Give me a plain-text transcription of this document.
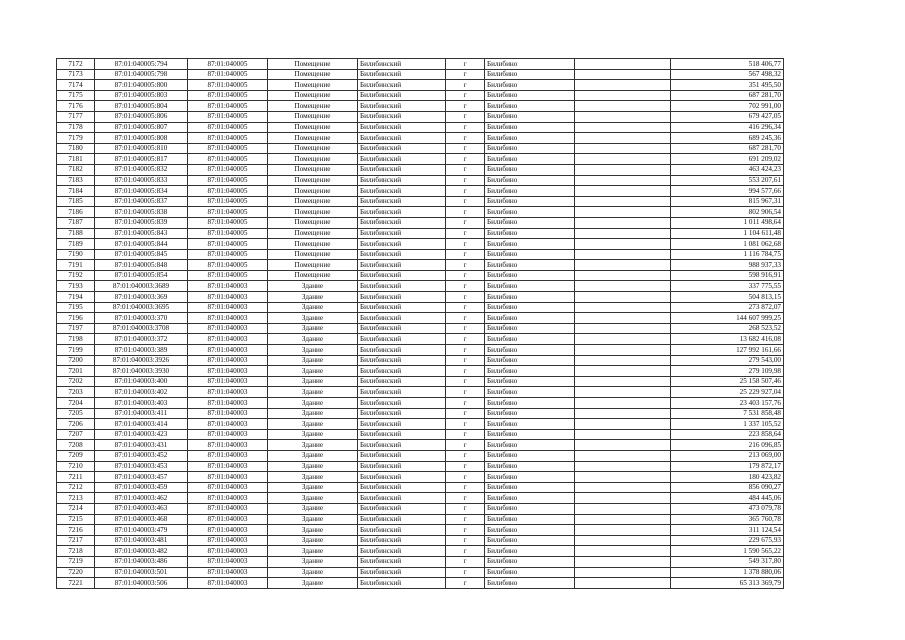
7172	87:01:040005:794	87:01:040005	Помещение	Билибинский	г	Билибино		518 406,77
7173	87:01:040005:798	87:01:040005	Помещение	Билибинский	г	Билибино		567 498,32
7174	87:01:040005:800	87:01:040005	Помещение	Билибинский	г	Билибино		351 495,50
7175	87:01:040005:803	87:01:040005	Помещение	Билибинский	г	Билибино		687 281,70
7176	87:01:040005:804	87:01:040005	Помещение	Билибинский	г	Билибино		702 991,00
7177	87:01:040005:806	87:01:040005	Помещение	Билибинский	г	Билибино		679 427,05
7178	87:01:040005:807	87:01:040005	Помещение	Билибинский	г	Билибино		416 296,34
7179	87:01:040005:808	87:01:040005	Помещение	Билибинский	г	Билибино		689 245,36
7180	87:01:040005:810	87:01:040005	Помещение	Билибинский	г	Билибино		687 281,70
7181	87:01:040005:817	87:01:040005	Помещение	Билибинский	г	Билибино		691 209,02
7182	87:01:040005:832	87:01:040005	Помещение	Билибинский	г	Билибино		463 424,23
7183	87:01:040005:833	87:01:040005	Помещение	Билибинский	г	Билибино		553 207,61
7184	87:01:040005:834	87:01:040005	Помещение	Билибинский	г	Билибино		994 577,66
7185	87:01:040005:837	87:01:040005	Помещение	Билибинский	г	Билибино		815 967,31
7186	87:01:040005:838	87:01:040005	Помещение	Билибинский	г	Билибино		802 906,54
7187	87:01:040005:839	87:01:040005	Помещение	Билибинский	г	Билибино		1 011 498,64
7188	87:01:040005:843	87:01:040005	Помещение	Билибинский	г	Билибино		1 104 611,48
7189	87:01:040005:844	87:01:040005	Помещение	Билибинский	г	Билибино		1 081 062,68
7190	87:01:040005:845	87:01:040005	Помещение	Билибинский	г	Билибино		1 116 784,75
7191	87:01:040005:848	87:01:040005	Помещение	Билибинский	г	Билибино		988 937,33
7192	87:01:040005:854	87:01:040005	Помещение	Билибинский	г	Билибино		598 916,91
7193	87:01:040003:3689	87:01:040003	Здание	Билибинский	г	Билибино		337 775,55
7194	87:01:040003:369	87:01:040003	Здание	Билибинский	г	Билибино		504 813,15
7195	87:01:040003:3695	87:01:040003	Здание	Билибинский	г	Билибино		273 872,07
7196	87:01:040003:370	87:01:040003	Здание	Билибинский	г	Билибино		144 607 999,25
7197	87:01:040003:3708	87:01:040003	Здание	Билибинский	г	Билибино		268 523,52
7198	87:01:040003:372	87:01:040003	Здание	Билибинский	г	Билибино		13 682 416,08
7199	87:01:040003:389	87:01:040003	Здание	Билибинский	г	Билибино		127 992 161,66
7200	87:01:040003:3926	87:01:040003	Здание	Билибинский	г	Билибино		279 543,00
7201	87:01:040003:3930	87:01:040003	Здание	Билибинский	г	Билибино		279 109,98
7202	87:01:040003:400	87:01:040003	Здание	Билибинский	г	Билибино		25 158 507,46
7203	87:01:040003:402	87:01:040003	Здание	Билибинский	г	Билибино		25 229 927,04
7204	87:01:040003:403	87:01:040003	Здание	Билибинский	г	Билибино		23 403 157,76
7205	87:01:040003:411	87:01:040003	Здание	Билибинский	г	Билибино		7 531 858,48
7206	87:01:040003:414	87:01:040003	Здание	Билибинский	г	Билибино		1 337 105,52
7207	87:01:040003:423	87:01:040003	Здание	Билибинский	г	Билибино		223 858,64
7208	87:01:040003:431	87:01:040003	Здание	Билибинский	г	Билибино		216 096,85
7209	87:01:040003:452	87:01:040003	Здание	Билибинский	г	Билибино		213 069,00
7210	87:01:040003:453	87:01:040003	Здание	Билибинский	г	Билибино		179 872,17
7211	87:01:040003:457	87:01:040003	Здание	Билибинский	г	Билибино		180 423,82
7212	87:01:040003:459	87:01:040003	Здание	Билибинский	г	Билибино		856 090,27
7213	87:01:040003:462	87:01:040003	Здание	Билибинский	г	Билибино		484 445,06
7214	87:01:040003:463	87:01:040003	Здание	Билибинский	г	Билибино		473 079,78
7215	87:01:040003:468	87:01:040003	Здание	Билибинский	г	Билибино		365 760,78
7216	87:01:040003:479	87:01:040003	Здание	Билибинский	г	Билибино		311 124,54
7217	87:01:040003:481	87:01:040003	Здание	Билибинский	г	Билибино		229 675,93
7218	87:01:040003:482	87:01:040003	Здание	Билибинский	г	Билибино		1 590 565,22
7219	87:01:040003:486	87:01:040003	Здание	Билибинский	г	Билибино		549 317,80
7220	87:01:040003:501	87:01:040003	Здание	Билибинский	г	Билибино		1 378 880,06
7221	87:01:040003:506	87:01:040003	Здание	Билибинский	г	Билибино		65 313 369,79
